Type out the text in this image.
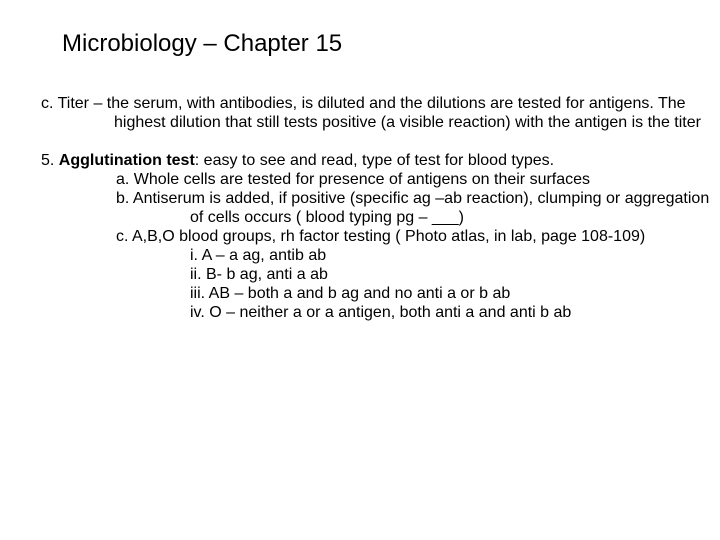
Microbiology – Chapter 15

c. Titer – the serum, with antibodies, is diluted and the dilutions are tested for antigens. The highest dilution that still tests positive (a visible reaction) with the antigen is the titer

5. Agglutination test: easy to see and read, type of test for blood types.

a. Whole cells are tested for presence of antigens on their surfaces

b. Antiserum is added, if positive (specific ag –ab reaction), clumping or aggregation of cells occurs ( blood typing pg – ___)

c. A,B,O blood groups, rh factor testing ( Photo atlas, in lab, page 108-109)

i. A – a ag, antib ab

ii. B- b ag, anti a ab

iii. AB – both a and b ag and no anti a or b ab

iv. O – neither a or a antigen, both anti a and anti b ab
